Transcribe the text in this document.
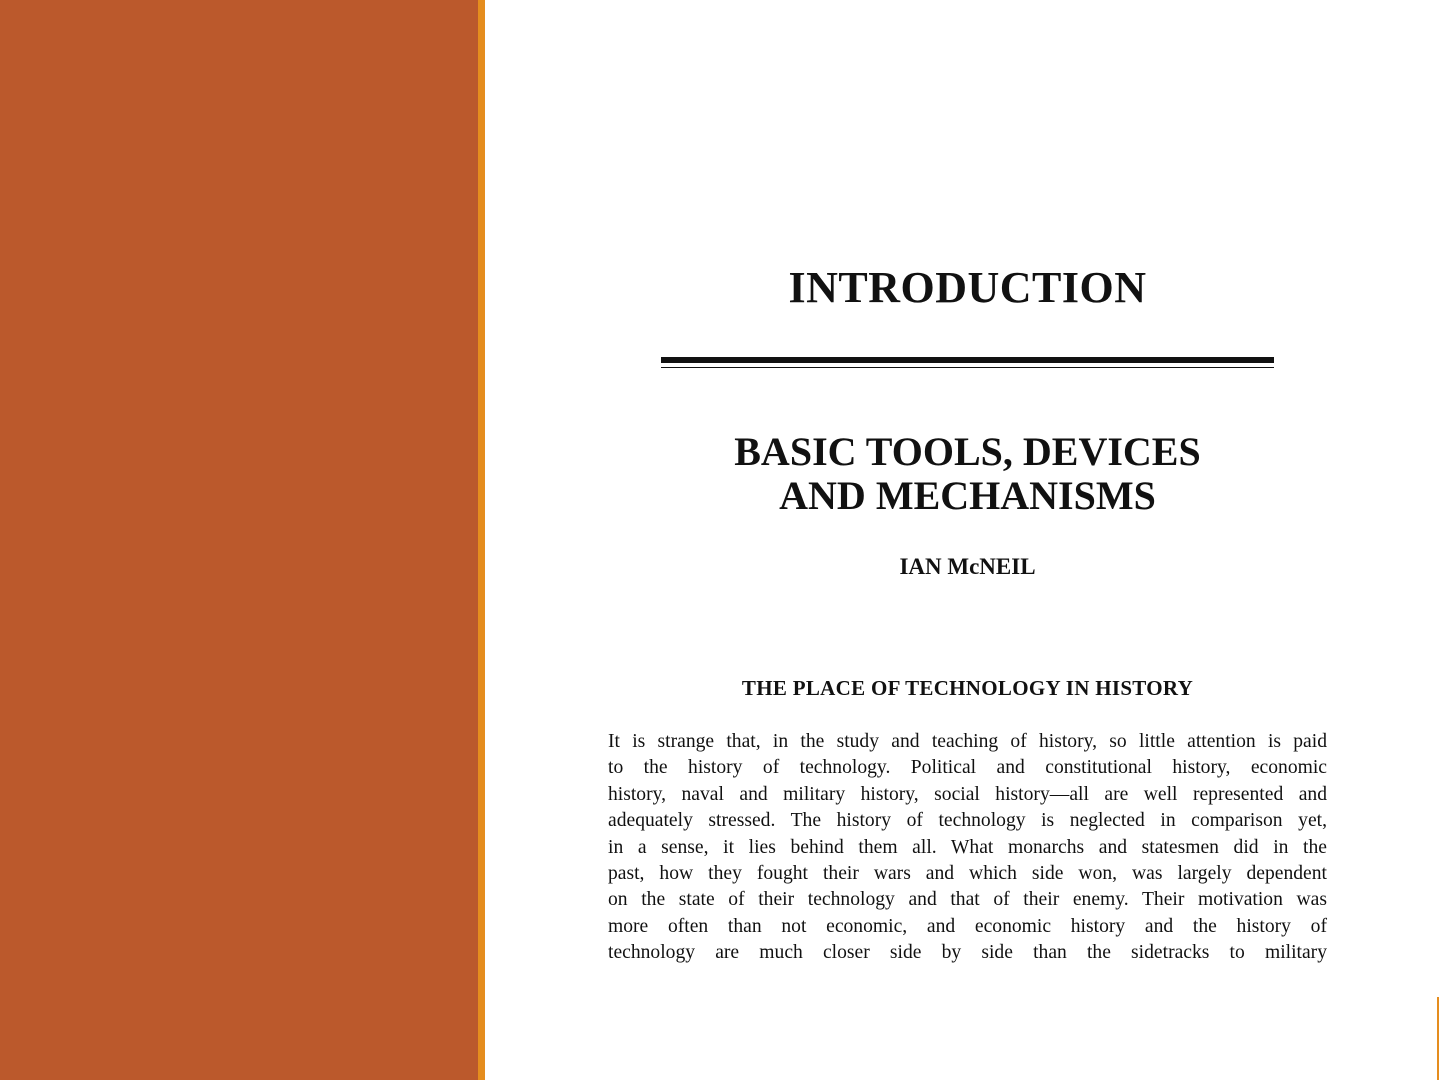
INTRODUCTION
BASIC TOOLS, DEVICES
AND MECHANISMS

IAN McNEIL

THE PLACE OF TECHNOLOGY IN HISTORY

It is strange that, in the study and teaching of history, so little attention is paid
to the history of technology. Political and constitutional history, economic
history, naval and military history, social history—all are well represented and
adequately stressed. The history of technology is neglected in comparison yet,
in a sense, it lies behind them all. What monarchs and statesmen did in the
past, how they fought their wars and which side won, was largely dependent
on the state of their technology and that of their enemy. Their motivation was
more often than not economic, and economic history and the history of
technology are much closer side by side than the sidetracks to military
